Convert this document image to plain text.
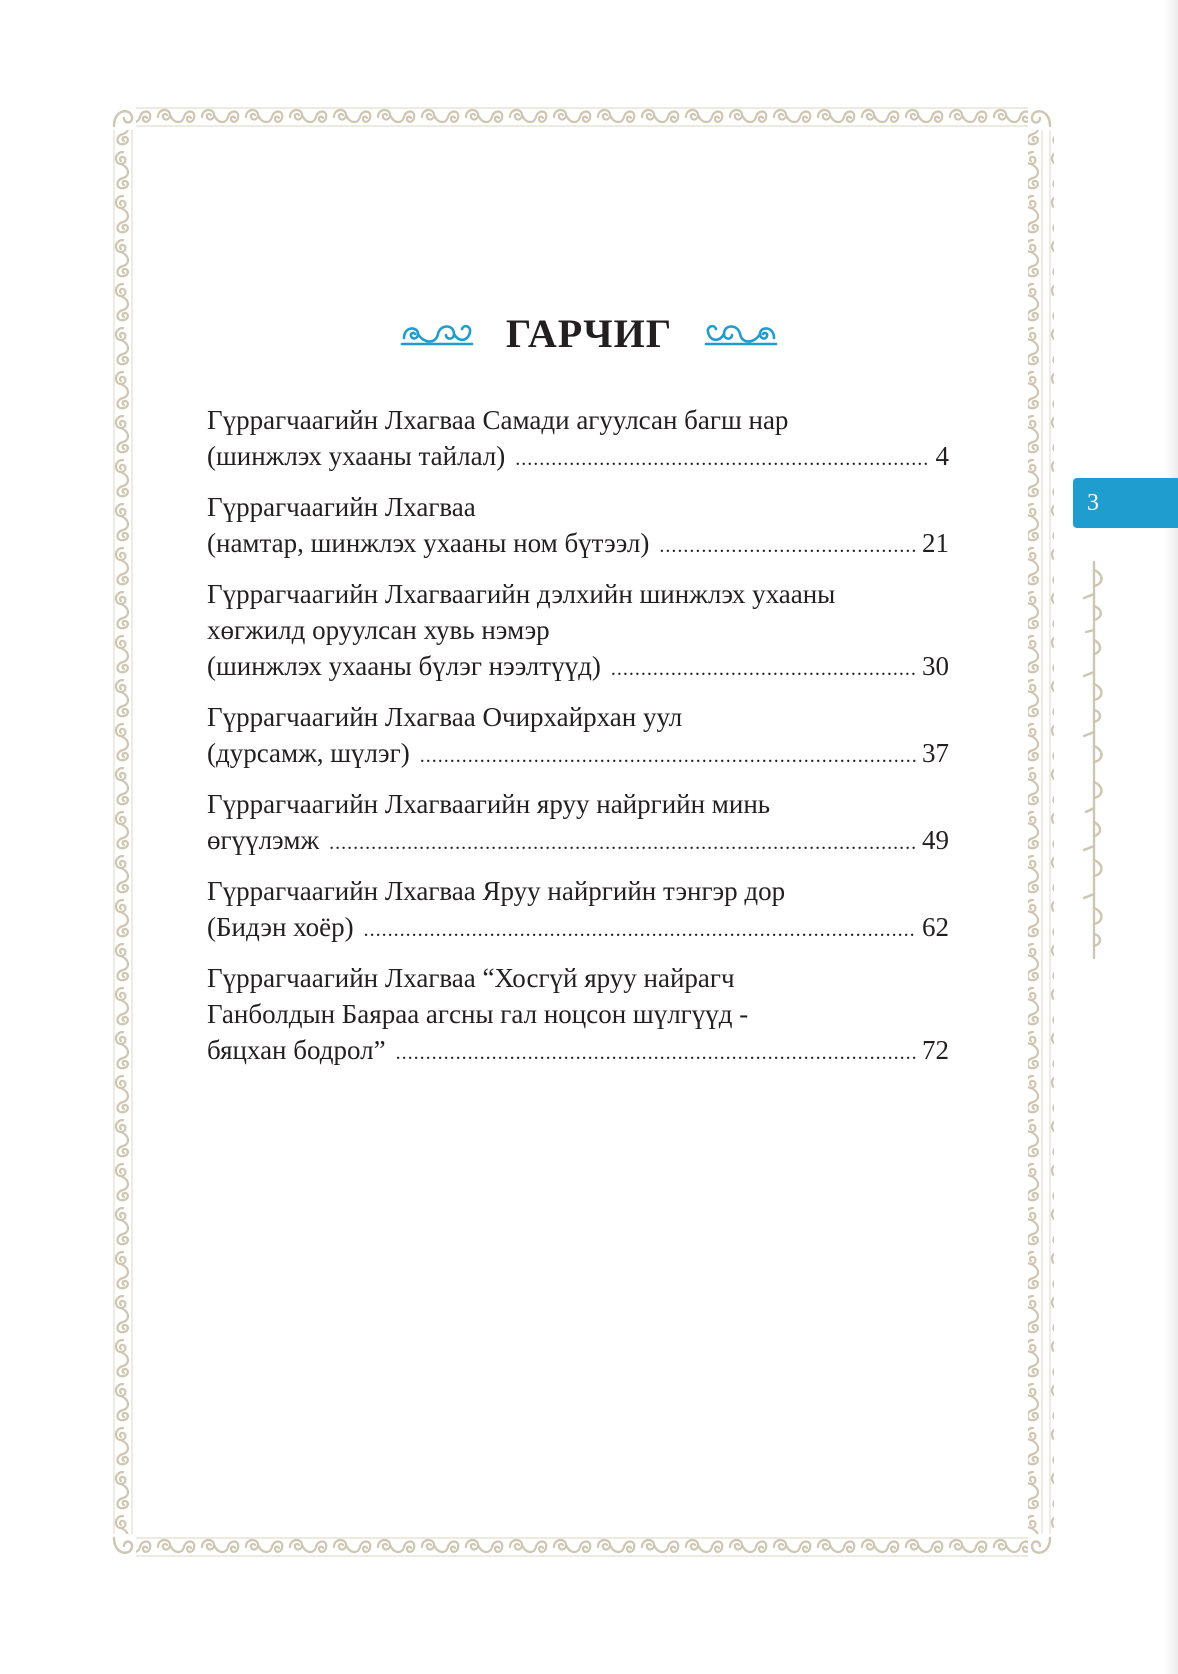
ГАРЧИГ
Гүррагчаагийн Лхагваа Самади агуулсан багш нар
(шинжлэх ухааны тайлал) .....	4
Гүррагчаагийн Лхагваа
(намтар, шинжлэх ухааны ном бүтээл) .....	21
Гүррагчаагийн Лхагваагийн дэлхийн шинжлэх ухааны
хөгжилд оруулсан хувь нэмэр
(шинжлэх ухааны бүлэг нээлтүүд) .....	30
Гүррагчаагийн Лхагваа Очирхайрхан уул
(дурсамж, шүлэг) .....	37
Гүррагчаагийн Лхагваагийн яруу найргийн минь
өгүүлэмж .....	49
Гүррагчаагийн Лхагваа Яруу найргийн тэнгэр дор
(Бидэн хоёр) .....	62
Гүррагчаагийн Лхагваа “Хосгүй яруу найрагч
Ганболдын Баяраа агсны гал ноцсон шүлгүүд -
бяцхан бодрол” .....	72
3
